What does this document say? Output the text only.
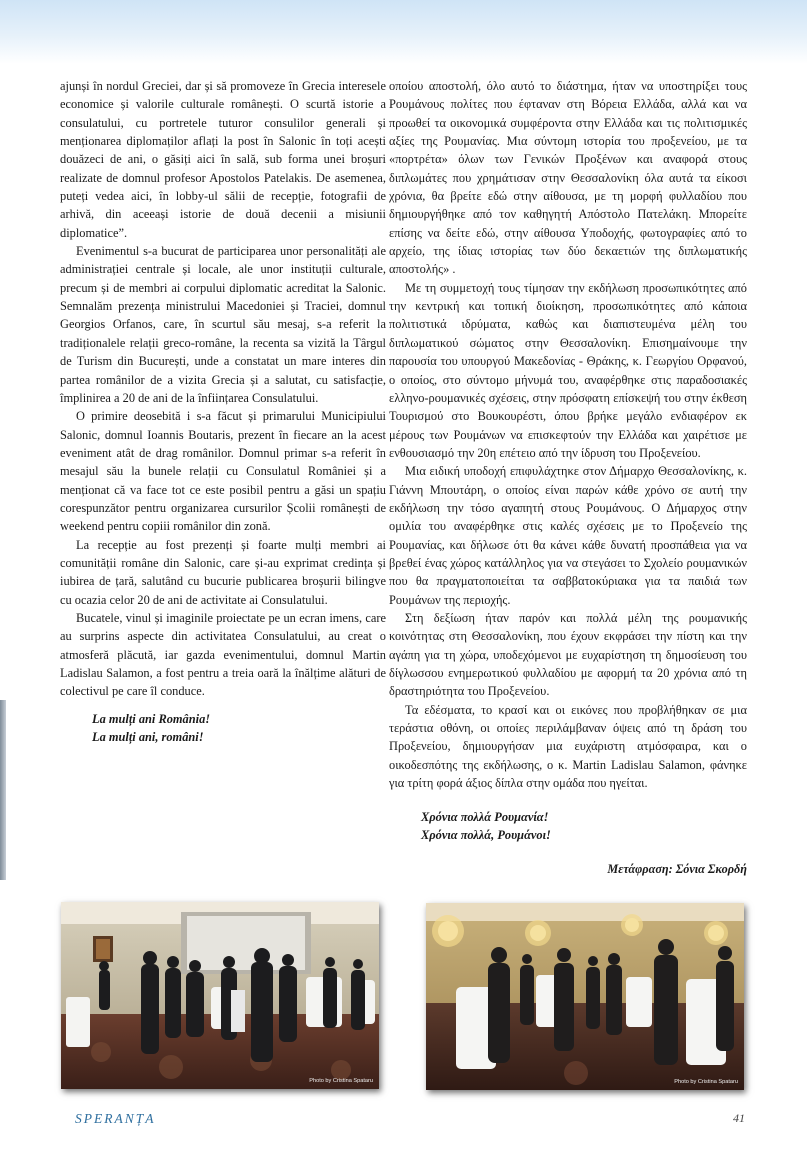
ajunși în nordul Greciei, dar și să promoveze în Grecia interesele economice și valorile culturale românești. O scurtă istorie a consulatului, cu portretele tuturor consulilor generali și menționarea diplomaților aflați la post în Salonic în toți acești douăzeci de ani, o găsiți aici în sală, sub forma unei broșuri realizate de domnul profesor Apostolos Patelakis. De asemenea, puteți vedea aici, în lobby-ul sălii de recepție, fotografii de arhivă, din aceeași istorie de două decenii a misiunii diplomatice”.

Evenimentul s-a bucurat de participarea unor personalități ale administrației centrale și locale, ale unor instituții culturale, precum și de membri ai corpului diplomatic acreditat la Salonic. Semnalăm prezența ministrului Macedoniei și Traciei, domnul Georgios Orfanos, care, în scurtul său mesaj, s-a referit la tradiționalele relații greco-române, la recenta sa vizită la Târgul de Turism din București, unde a constatat un mare interes din partea românilor de a vizita Grecia și a salutat, cu satisfacție, împlinirea a 20 de ani de la înființarea Consulatului.

O primire deosebită i s-a făcut și primarului Municipiului Salonic, domnul Ioannis Boutaris, prezent în fiecare an la acest eveniment atât de drag românilor. Domnul primar s-a referit în mesajul său la bunele relații cu Consulatul României și a menționat că va face tot ce este posibil pentru a găsi un spațiu corespunzător pentru organizarea cursurilor Școlii românești de weekend pentru copiii românilor din zonă.

La recepție au fost prezenți și foarte mulți membri ai comunității române din Salonic, care și-au exprimat credința și iubirea de țară, salutând cu bucurie publicarea broșurii bilingve cu ocazia celor 20 de ani de activitate ai Consulatului.

Bucatele, vinul și imaginile proiectate pe un ecran imens, care au surprins aspecte din activitatea Consulatului, au creat o atmosferă plăcută, iar gazda evenimentului, domnul Martin Ladislau Salamon, a fost pentru a treia oară la înălțime alături de colectivul pe care îl conduce.

La mulți ani România!

La mulți ani, români!

οποίου αποστολή, όλο αυτό το διάστημα, ήταν να υποστηρίξει τους Ρουμάνους πολίτες που έφταναν στη Βόρεια Ελλάδα, αλλά και να προωθεί τα οικονομικά συμφέροντα στην Ελλάδα και τις πολιτισμικές αξίες της Ρουμανίας. Μια σύντομη ιστορία του προξενείου, με τα «πορτρέτα» όλων των Γενικών Προξένων και αναφορά στους διπλωμάτες που χρημάτισαν στην Θεσσαλονίκη όλα αυτά τα είκοσι χρόνια, θα βρείτε εδώ στην αίθουσα, με τη μορφή φυλλαδίου που δημιουργήθηκε από τον καθηγητή Απόστολο Πατελάκη. Μπορείτε επίσης να δείτε εδώ, στην αίθουσα Υποδοχής, φωτογραφίες από το αρχείο, της ίδιας ιστορίας των δύο δεκαετιών της διπλωματικής αποστολής» .

Με τη συμμετοχή τους τίμησαν την εκδήλωση προσωπικότητες από την κεντρική και τοπική διοίκηση, προσωπικότητες από κάποια πολιτιστικά ιδρύματα, καθώς και διαπιστευμένα μέλη του διπλωματικού σώματος στην Θεσσαλονίκη. Επισημαίνουμε την παρουσία του υπουργού Μακεδονίας - Θράκης, κ. Γεωργίου Ορφανού, ο οποίος, στο σύντομο μήνυμά του, αναφέρθηκε στις παραδοσιακές ελληνο-ρουμανικές σχέσεις, στην πρόσφατη επίσκεψή του στην έκθεση Τουρισμού στο Βουκουρέστι, όπου βρήκε μεγάλο ενδιαφέρον εκ μέρους των Ρουμάνων να επισκεφτούν την Ελλάδα και χαιρέτισε με ενθουσιασμό την 20η επέτειο από την ίδρυση του Προξενείου.

Μια ειδική υποδοχή επιφυλάχτηκε στον Δήμαρχο Θεσσαλονίκης, κ. Γιάννη Μπουτάρη, ο οποίος είναι παρών κάθε χρόνο σε αυτή την εκδήλωση την τόσο αγαπητή στους Ρουμάνους. Ο Δήμαρχος στην ομιλία του αναφέρθηκε στις καλές σχέσεις με το Προξενείο της Ρουμανίας, και δήλωσε ότι θα κάνει κάθε δυνατή προσπάθεια για να βρεθεί ένας χώρος κατάλληλος για να στεγάσει το Σχολείο ρουμανικών που θα πραγματοποιείται τα σαββατοκύριακα για τα παιδιά των Ρουμάνων της περιοχής.

Στη δεξίωση ήταν παρόν και πολλά μέλη της ρουμανικής κοινότητας στη Θεσσαλονίκη, που έχουν εκφράσει την πίστη και την αγάπη για τη χώρα, υποδεχόμενοι με ευχαρίστηση τη δημοσίευση του δίγλωσσου ενημερωτικού φυλλαδίου με αφορμή τα 20 χρόνια από τη δραστηριότητα του Προξενείου.

Τα εδέσματα, το κρασί και οι εικόνες που προβλήθηκαν σε μια τεράστια οθόνη, οι οποίες περιλάμβαναν όψεις από τη δράση του Προξενείου, δημιουργήσαν μια ευχάριστη ατμόσφαιρα, και ο οικοδεσπότης της εκδήλωσης, ο κ. Martin Ladislau Salamon, φάνηκε για τρίτη φορά άξιος δίπλα στην ομάδα που ηγείται.

Χρόνια πολλά Ρουμανία!

Χρόνια πολλά, Ρουμάνοι!

Μετάφραση: Σόνια Σκορδή
Photo by Cristina Spataru	Photo by Cristina Spataru
SPERANȚA	41
